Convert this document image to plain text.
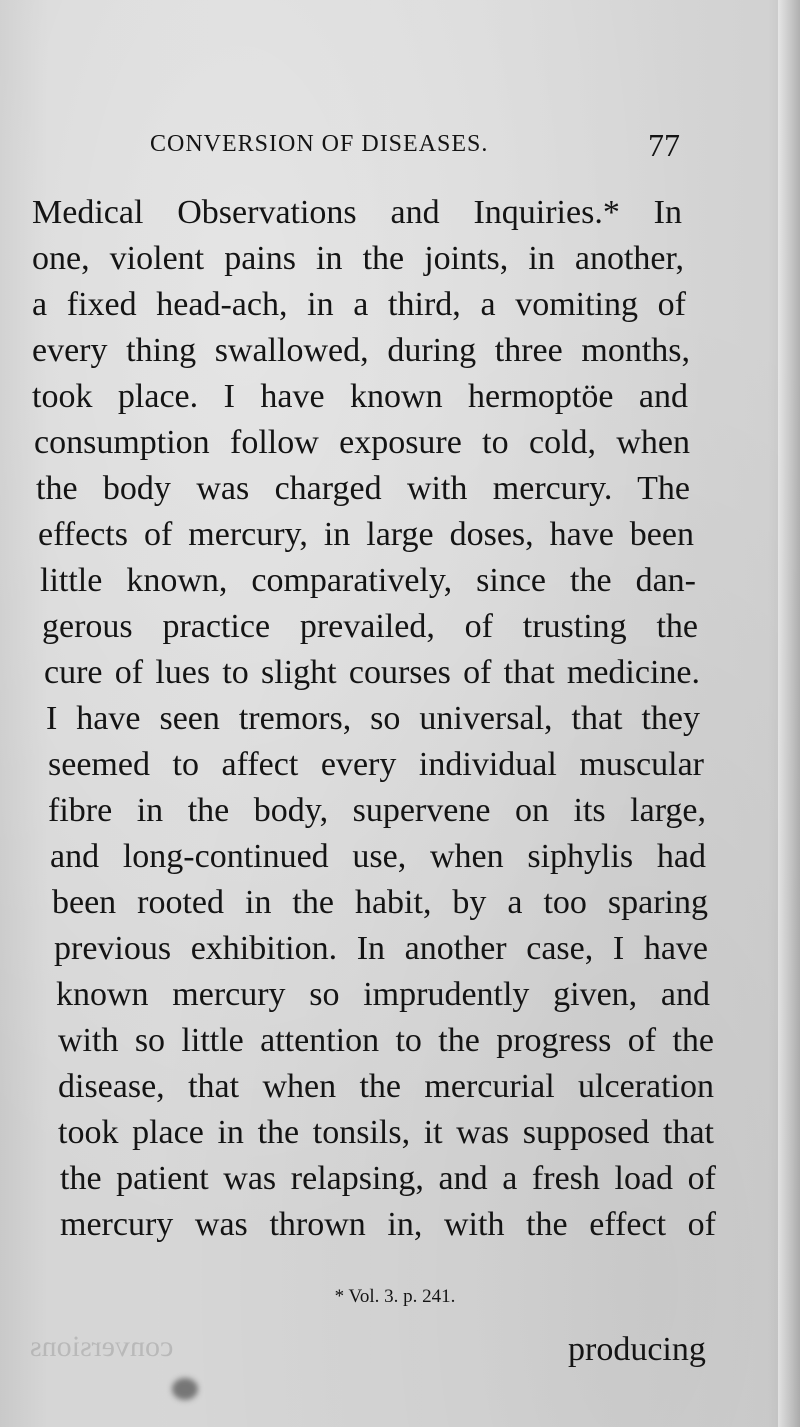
CONVERSION OF DISEASES.	77
Medical Observations and Inquiries.* In
one, violent pains in the joints, in another,
a fixed head-ach, in a third, a vomiting of
every thing swallowed, during three months,
took place. I have known hermoptöe and
consumption follow exposure to cold, when
the body was charged with mercury. The
effects of mercury, in large doses, have been
little known, comparatively, since the dan-
gerous practice prevailed, of trusting the
cure of lues to slight courses of that medicine.
I have seen tremors, so universal, that they
seemed to affect every individual muscular
fibre in the body, supervene on its large,
and long-continued use, when siphylis had
been rooted in the habit, by a too sparing
previous exhibition. In another case, I have
known mercury so imprudently given, and
with so little attention to the progress of the
disease, that when the mercurial ulceration
took place in the tonsils, it was supposed that
the patient was relapsing, and a fresh load of
mercury was thrown in, with the effect of
* Vol. 3. p. 241.
producing
conversions
